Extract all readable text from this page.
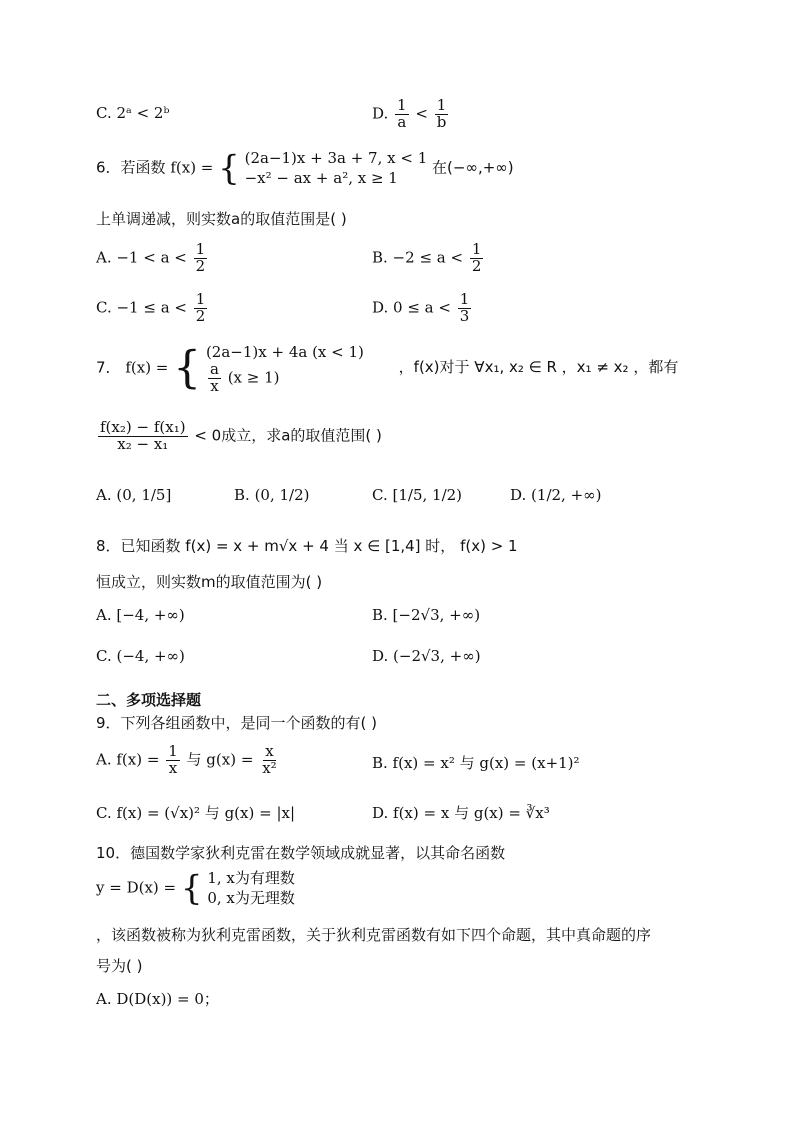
C. 2ᵃ < 2ᵇ	D. $\frac{1}{a} < \frac{1}{b}$
6．若函数 f(x) = { (2a−1)x + 3a + 7, x < 1
−x² − ax + a², x ≥ 1
在(−∞,+∞)
上单调递减，则实数a的取值范围是( )
A. $-1 < a < \frac{1}{2}$	B. $-2 \le a < \frac{1}{2}$
C. $-1 \le a < \frac{1}{2}$	D. $0 \le a < \frac{1}{3}$
7． f(x) = { (2a−1)x + 4a (x < 1)
$\frac{a}{x} (x \ge 1)$
，f(x)对于 ∀x₁, x₂ ∈ R ，x₁ ≠ x₂ ，都有
$\frac{\text{f(x₂) − f(x₁)}}{\text{x₂ − x₁}} < 0$成立，求a的取值范围( )
A. (0, 1/5]	B. (0, 1/2)	C. [1/5, 1/2)	D. (1/2, +∞)
8．已知函数 f(x) = x + m√x + 4 当 x ∈ [1,4] 时， f(x) > 1
恒成立，则实数m的取值范围为( )
A. [−4, +∞)	B. [−2√3, +∞)
C. (−4, +∞)	D. (−2√3, +∞)
二、多项选择题
9．下列各组函数中，是同一个函数的有( )
A. $f(x) = \frac{1}{x}$ 与 $g(x) = \frac{x}{\text{x²}}$	B. f(x) = x² 与 g(x) = (x+1)²
C. f(x) = (√x)² 与 g(x) = |x|	D. f(x) = x 与 g(x) = ∛x³
10．德国数学家狄利克雷在数学领域成就显著，以其命名函数
y = D(x) = { 1, x为有理数
0, x为无理数
，该函数被称为狄利克雷函数，关于狄利克雷函数有如下四个命题，其中真命题的序
号为( )
A. D(D(x)) = 0；
